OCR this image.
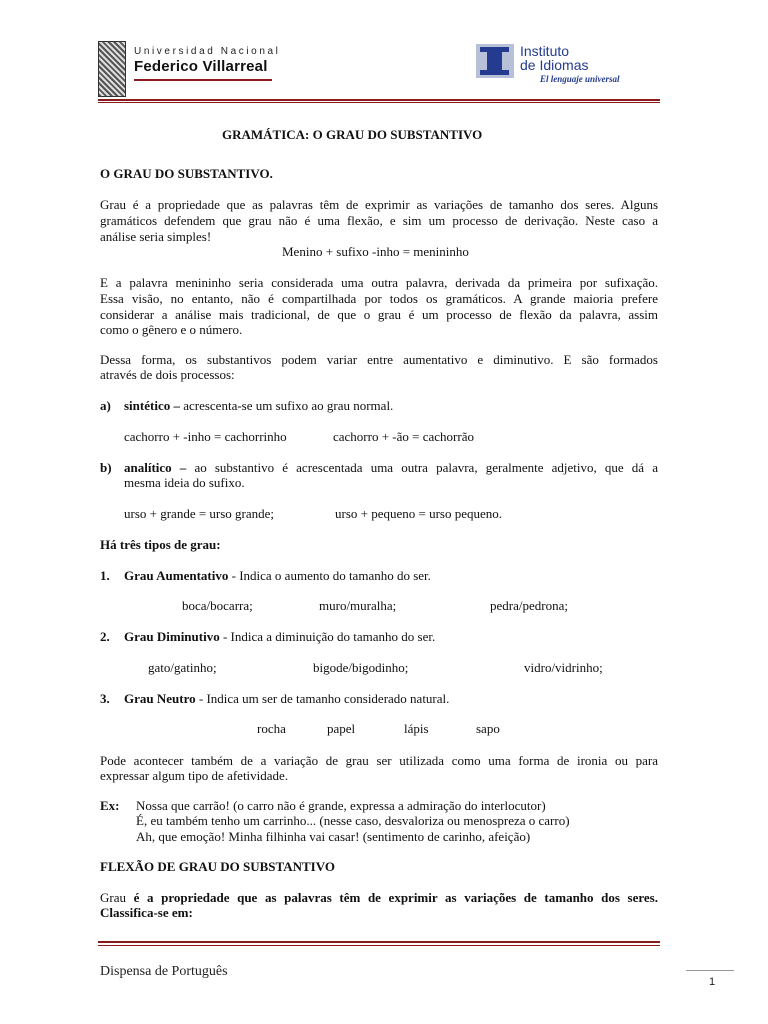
Universidad Nacional
Federico Villarreal
Instituto
de Idiomas
El lenguaje universal
GRAMÁTICA: O GRAU DO SUBSTANTIVO
O GRAU DO SUBSTANTIVO.
Grau é a propriedade que as palavras têm de exprimir as variações de tamanho dos seres. Alguns
gramáticos defendem que grau não é uma flexão, e sim um processo de derivação. Neste caso a
análise seria simples!
Menino + sufixo -inho = menininho
E a palavra menininho seria considerada uma outra palavra, derivada da primeira por sufixação.
Essa visão, no entanto, não é compartilhada por todos os gramáticos. A grande maioria prefere
considerar a análise mais tradicional, de que o grau é um processo de flexão da palavra, assim
como o gênero e o número.
Dessa forma, os substantivos podem variar entre aumentativo e diminutivo. E são formados
através de dois processos:
a) sintético – acrescenta-se um sufixo ao grau normal.
cachorro + -inho = cachorrinho	cachorro + -ão = cachorrão
b) analítico – ao substantivo é acrescentada uma outra palavra, geralmente adjetivo, que dá a
mesma ideia do sufixo.
urso + grande = urso grande;	urso + pequeno = urso pequeno.
Há três tipos de grau:
1. Grau Aumentativo - Indica o aumento do tamanho do ser.
boca/bocarra;	muro/muralha;	pedra/pedrona;
2. Grau Diminutivo - Indica a diminuição do tamanho do ser.
gato/gatinho;	bigode/bigodinho;	vidro/vidrinho;
3. Grau Neutro - Indica um ser de tamanho considerado natural.
rocha	papel	lápis	sapo
Pode acontecer também de a variação de grau ser utilizada como uma forma de ironia ou para
expressar algum tipo de afetividade.
Ex: Nossa que carrão! (o carro não é grande, expressa a admiração do interlocutor)
É, eu também tenho um carrinho... (nesse caso, desvaloriza ou menospreza o carro)
Ah, que emoção! Minha filhinha vai casar! (sentimento de carinho, afeição)
FLEXÃO DE GRAU DO SUBSTANTIVO
Grau é a propriedade que as palavras têm de exprimir as variações de tamanho dos seres.
Classifica-se em:
Dispensa de Português
1
